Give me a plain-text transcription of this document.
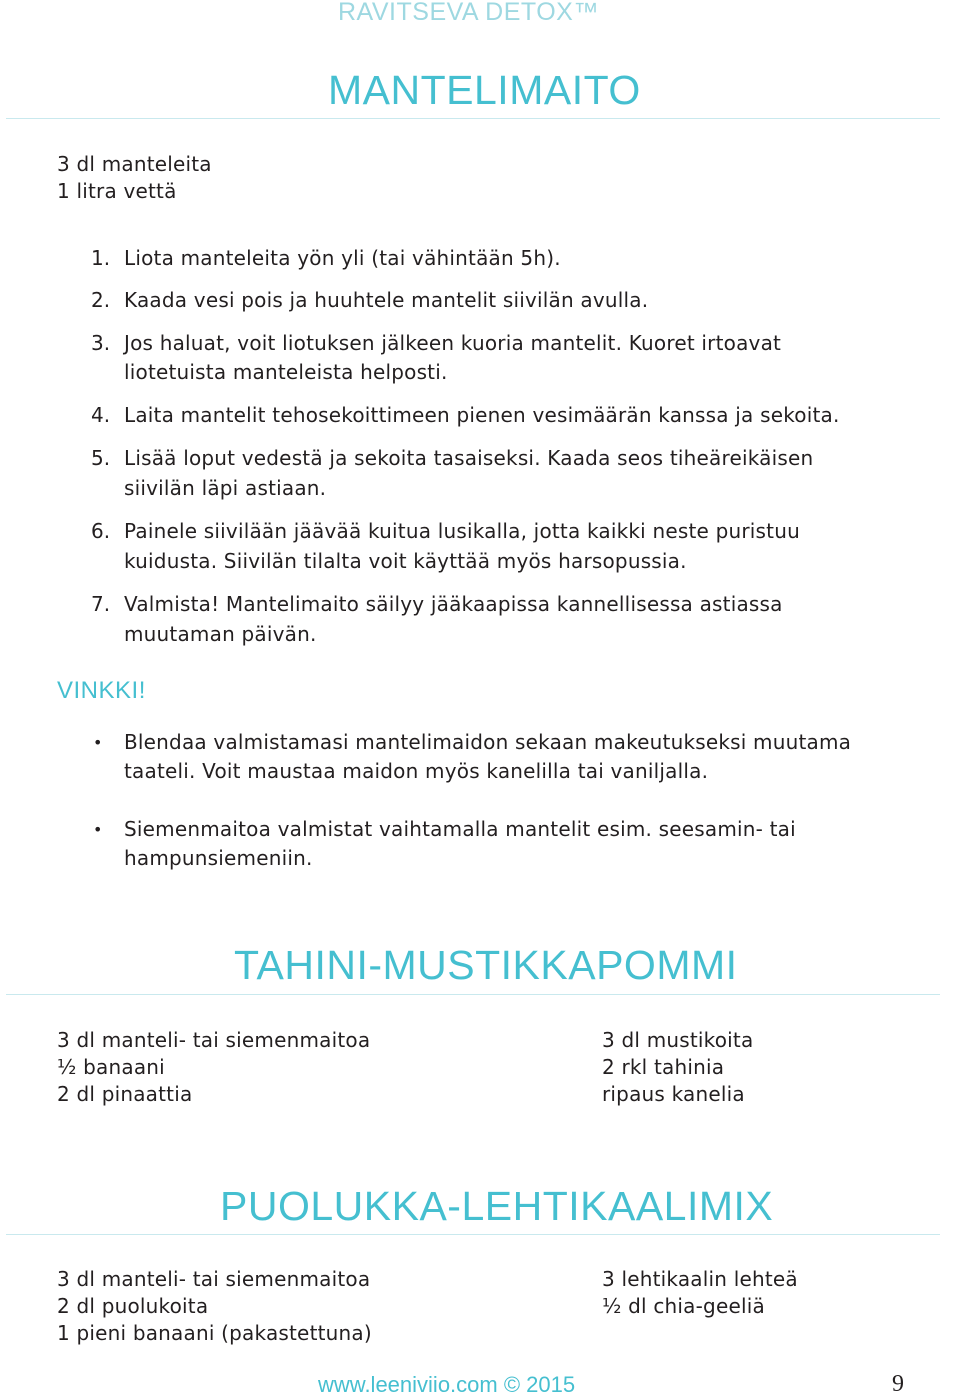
RAVITSEVA DETOX™
MANTELIMAITO
3 dl manteleita
1 litra vettä
1. Liota manteleita yön yli (tai vähintään 5h).
2. Kaada vesi pois ja huuhtele mantelit siivilän avulla.
3. Jos haluat, voit liotuksen jälkeen kuoria mantelit. Kuoret irtoavat
liotetuista manteleista helposti.
4. Laita mantelit tehosekoittimeen pienen vesimäärän kanssa ja sekoita.
5. Lisää loput vedestä ja sekoita tasaiseksi. Kaada seos tiheäreikäisen
siivilän läpi astiaan.
6. Painele siivilään jäävää kuitua lusikalla, jotta kaikki neste puristuu
kuidusta. Siivilän tilalta voit käyttää myös harsopussia.
7. Valmista! Mantelimaito säilyy jääkaapissa kannellisessa astiassa
muutaman päivän.
VINKKI!
• Blendaa valmistamasi mantelimaidon sekaan makeutukseksi muutama
taateli. Voit maustaa maidon myös kanelilla tai vaniljalla.
• Siemenmaitoa valmistat vaihtamalla mantelit esim. seesamin- tai
hampunsiemeniin.
TAHINI-MUSTIKKAPOMMI
3 dl manteli- tai siemenmaitoa
½ banaani
2 dl pinaattia
3 dl mustikoita
2 rkl tahinia
ripaus kanelia
PUOLUKKA-LEHTIKAALIMIX
3 dl manteli- tai siemenmaitoa
2 dl puolukoita
1 pieni banaani (pakastettuna)
3 lehtikaalin lehteä
½ dl chia-geeliä
www.leeniviio.com © 2015	9
